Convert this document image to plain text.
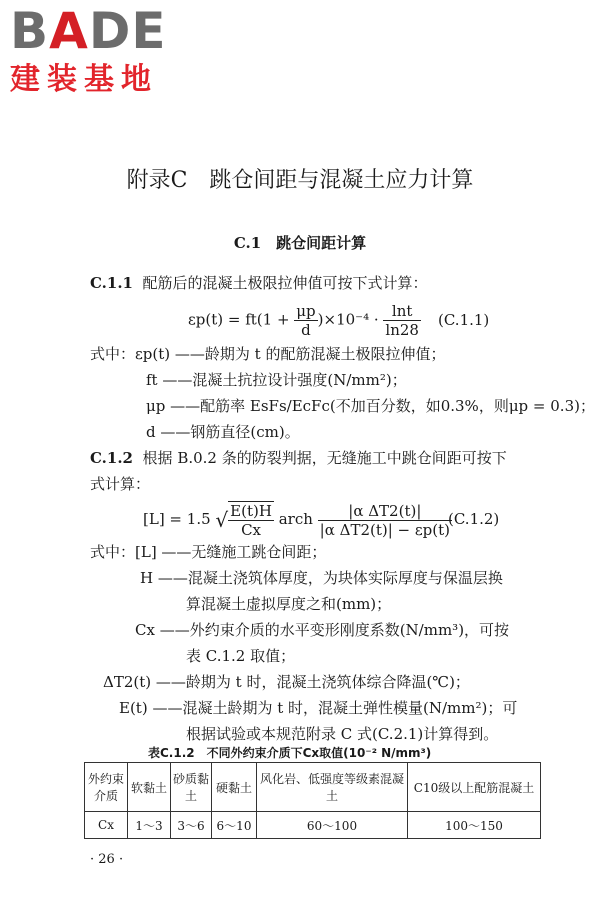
BADE
建装基地
附录C　跳仓间距与混凝土应力计算
C.1　跳仓间距计算
C.1.1 配筋后的混凝土极限拉伸值可按下式计算：
$\varepsilon p(t) = ft(1 + \frac{\mu p}{d} )\times 10^{-4} \cdot \frac{\ln t}{\ln 28} (C.1.1)$
式中：εp(t) ——龄期为 t 的配筋混凝土极限拉伸值；
ft ——混凝土抗拉设计强度(N/mm²)；
μp ——配筋率 EsFs/EcFc(不加百分数，如0.3%，则μp = 0.3)；
d ——钢筋直径(cm)。
C.1.2 根据 B.0.2 条的防裂判据，无缝施工中跳仓间距可按下
式计算：
[L] = 1.5 √ $\frac{E(t)H}{Cx}$ arch $\frac{\text{|α ΔT2(t)|}}{\text{|α ΔT2(t)| − εp(t)}}$
(C.1.2)
式中：[L] ——无缝施工跳仓间距；
H ——混凝土浇筑体厚度，为块体实际厚度与保温层换
算混凝土虚拟厚度之和(mm)；
Cx ——外约束介质的水平变形刚度系数(N/mm³)，可按
表 C.1.2 取值；
ΔT2(t) ——龄期为 t 时，混凝土浇筑体综合降温(℃)；
E(t) ——混凝土龄期为 t 时，混凝土弹性模量(N/mm²)；可
根据试验或本规范附录 C 式(C.2.1)计算得到。
表C.1.2　不同外约束介质下Cx取值(10⁻² N/mm³)
外约束介质	软黏土	砂质黏土	硬黏土	风化岩、低强度等级素混凝土	C10级以上配筋混凝土
Cx	1～3	3～6	6～10	60～100	100～150
· 26 ·
